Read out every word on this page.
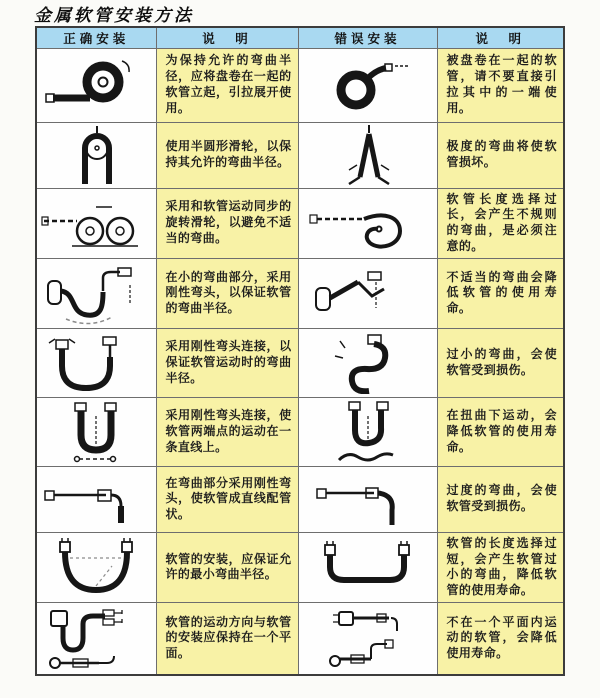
金属软管安装方法
正确安装	说　明	错误安装	说　明

为保持允许的弯曲半径，应将盘卷在一起的软管立起，引拉展开使用。		被盘卷在一起的软管，请不要直接引拉其中的一端使用。

使用半圆形滑轮，以保持其允许的弯曲半径。		极度的弯曲将使软管损坏。

采用和软管运动同步的旋转滑轮，以避免不适当的弯曲。		软管长度选择过长，会产生不规则的弯曲，是必须注意的。

在小的弯曲部分，采用刚性弯头，以保证软管的弯曲半径。		不适当的弯曲会降低软管的使用寿命。

采用刚性弯头连接，以保证软管运动时的弯曲半径。		过小的弯曲，会使软管受到损伤。

采用刚性弯头连接，使软管两端点的运动在一条直线上。		在扭曲下运动，会降低软管的使用寿命。

在弯曲部分采用刚性弯头，使软管成直线配管状。		过度的弯曲，会使软管受到损伤。

软管的安装，应保证允许的最小弯曲半径。		软管的长度选择过短，会产生软管过小的弯曲，降低软管的使用寿命。

软管的运动方向与软管的安装应保持在一个平面。		不在一个平面内运动的软管，会降低使用寿命。
